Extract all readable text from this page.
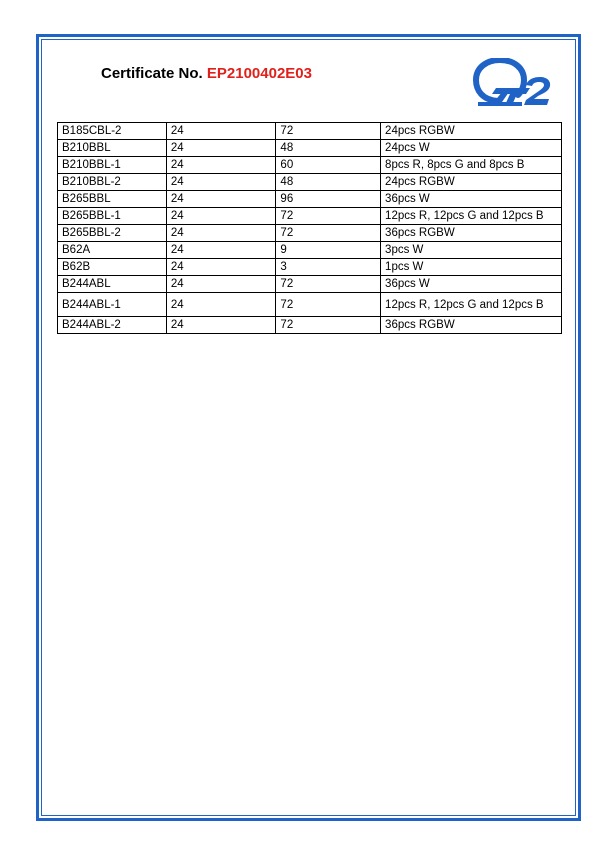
Certificate No. EP2100402E03
B185CBL-2	24	72	24pcs RGBW
B210BBL	24	48	24pcs W
B210BBL-1	24	60	8pcs R, 8pcs G and 8pcs B
B210BBL-2	24	48	24pcs RGBW
B265BBL	24	96	36pcs W
B265BBL-1	24	72	12pcs R, 12pcs G and 12pcs B
B265BBL-2	24	72	36pcs RGBW
B62A	24	9	3pcs W
B62B	24	3	1pcs W
B244ABL	24	72	36pcs W
B244ABL-1	24	72	12pcs R, 12pcs G and 12pcs B
B244ABL-2	24	72	36pcs RGBW
